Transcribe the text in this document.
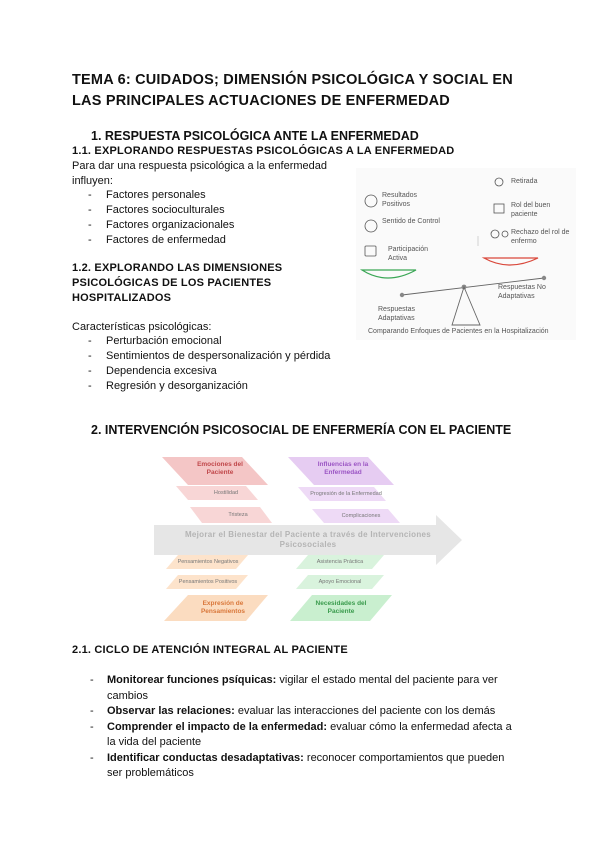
TEMA 6: CUIDADOS; DIMENSIÓN PSICOLÓGICA Y SOCIAL EN LAS PRINCIPALES ACTUACIONES DE ENFERMEDAD
1. RESPUESTA PSICOLÓGICA ANTE LA ENFERMEDAD
1.1. EXPLORANDO RESPUESTAS PSICOLÓGICAS A LA ENFERMEDAD
Para dar una respuesta psicológica a la enfermedad
influyen:
- Factores personales
- Factores socioculturales
- Factores organizacionales
- Factores de enfermedad
1.2. EXPLORANDO LAS DIMENSIONES PSICOLÓGICAS DE LOS PACIENTES HOSPITALIZADOS
Características psicológicas:
- Perturbación emocional
- Sentimientos de despersonalización y pérdida
- Dependencia excesiva
- Regresión y desorganización
Resultados Positivos
Sentido de Control
Participación Activa
Retirada
Rol del buen paciente
Rechazo del rol de enfermo
Respuestas Adaptativas
Respuestas No Adaptativas
Comparando Enfoques de Pacientes en la Hospitalización
2. INTERVENCIÓN PSICOSOCIAL DE ENFERMERÍA CON EL PACIENTE
Emociones del Paciente
Hostilidad
Tristeza
Influencias en la Enfermedad
Progresión de la Enfermedad
Complicaciones
Mejorar el Bienestar del Paciente a través de Intervenciones Psicosociales
Pensamientos Negativos
Pensamientos Positivos
Expresión de Pensamientos
Asistencia Práctica
Apoyo Emocional
Necesidades del Paciente
2.1. CICLO DE ATENCIÓN INTEGRAL AL PACIENTE
- Monitorear funciones psíquicas: vigilar el estado mental del paciente para ver
cambios
- Observar las relaciones: evaluar las interacciones del paciente con los demás
- Comprender el impacto de la enfermedad: evaluar cómo la enfermedad afecta a
la vida del paciente
- Identificar conductas desadaptativas: reconocer comportamientos que pueden
ser problemáticos
